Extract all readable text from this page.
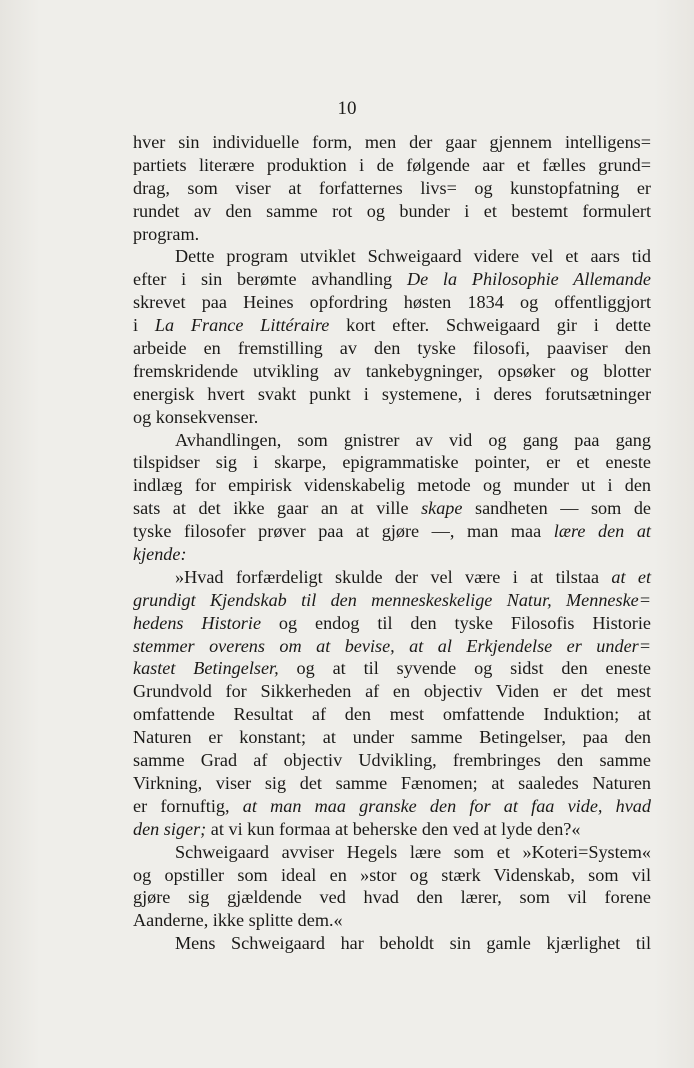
10
hver sin individuelle form, men der gaar gjennem intelligens=
partiets literære produktion i de følgende aar et fælles grund=
drag, som viser at forfatternes livs= og kunstopfatning er
rundet av den samme rot og bunder i et bestemt formulert
program.
Dette program utviklet Schweigaard videre vel et aars tid
efter i sin berømte avhandling De la Philosophie Allemande
skrevet paa Heines opfordring høsten 1834 og offentliggjort
i La France Littéraire kort efter. Schweigaard gir i dette
arbeide en fremstilling av den tyske filosofi, paaviser den
fremskridende utvikling av tankebygninger, opsøker og blotter
energisk hvert svakt punkt i systemene, i deres forutsætninger
og konsekvenser.
Avhandlingen, som gnistrer av vid og gang paa gang
tilspidser sig i skarpe, epigrammatiske pointer, er et eneste
indlæg for empirisk videnskabelig metode og munder ut i den
sats at det ikke gaar an at ville skape sandheten — som de
tyske filosofer prøver paa at gjøre —, man maa lære den at
kjende:
»Hvad forfærdeligt skulde der vel være i at tilstaa at et
grundigt Kjendskab til den menneskeskelige Natur, Menneske=
hedens Historie og endog til den tyske Filosofis Historie
stemmer overens om at bevise, at al Erkjendelse er under=
kastet Betingelser, og at til syvende og sidst den eneste
Grundvold for Sikkerheden af en objectiv Viden er det mest
omfattende Resultat af den mest omfattende Induktion; at
Naturen er konstant; at under samme Betingelser, paa den
samme Grad af objectiv Udvikling, frembringes den samme
Virkning, viser sig det samme Fænomen; at saaledes Naturen
er fornuftig, at man maa granske den for at faa vide, hvad
den siger; at vi kun formaa at beherske den ved at lyde den?«
Schweigaard avviser Hegels lære som et »Koteri=System«
og opstiller som ideal en »stor og stærk Videnskab, som vil
gjøre sig gjældende ved hvad den lærer, som vil forene
Aanderne, ikke splitte dem.«
Mens Schweigaard har beholdt sin gamle kjærlighet til
